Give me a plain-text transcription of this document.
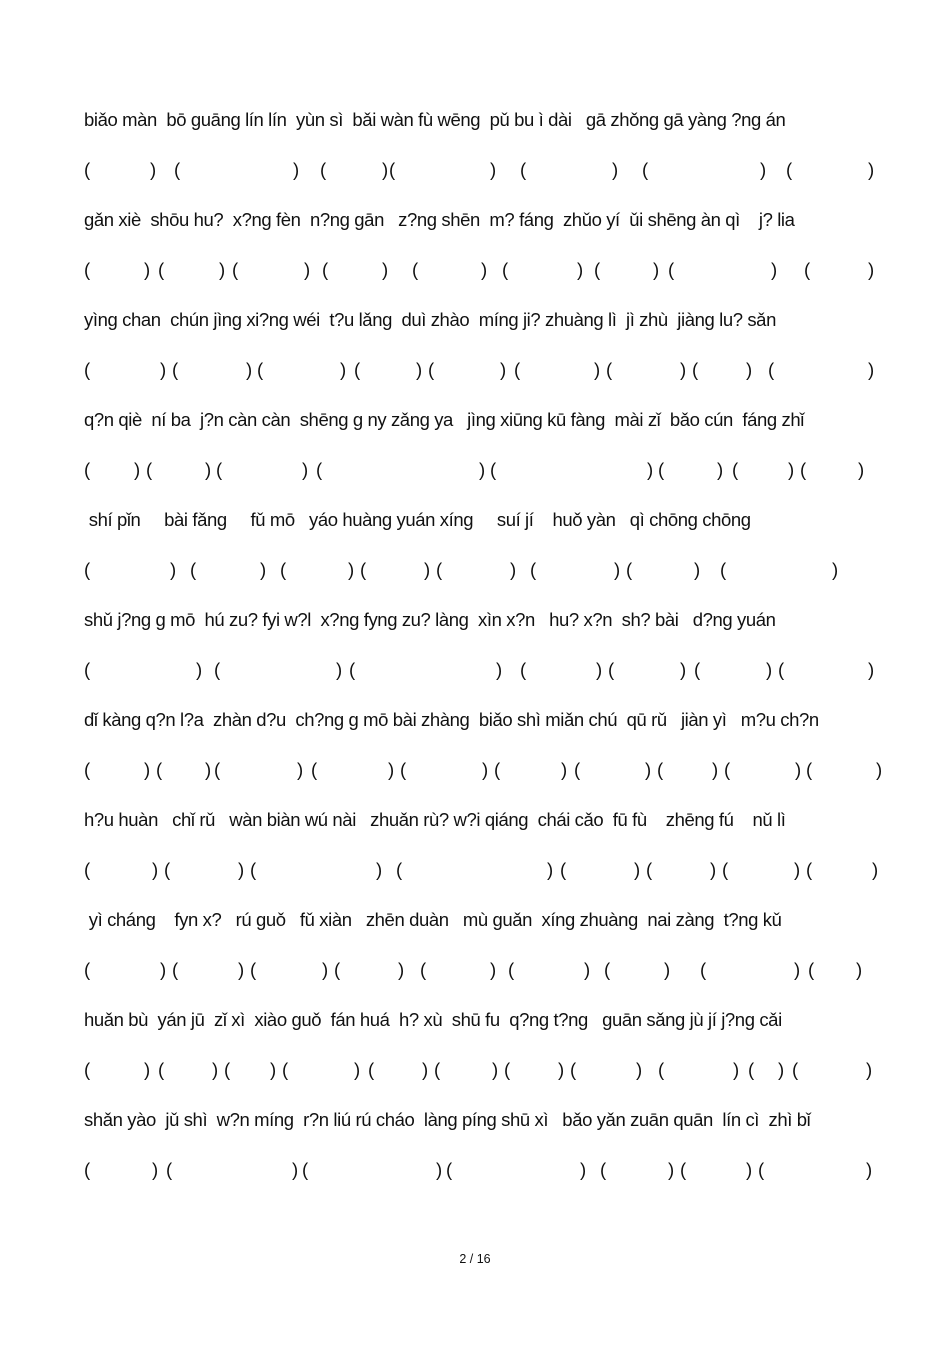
biǎo màn  bō guāng lín lín  yùn sì  bǎi wàn fù wēng  pǔ bu ì dài   gā zhǒng gā yàng ?ng án
(	) (	) (	) (	) (	) (	) (	)
gǎn xiè  shōu hu?  x?ng fèn  n?ng gān   z?ng shēn  m? fáng  zhǔo yí  ǔi shēng àn qì    j? lia
(	) (	) (	) (	) (	) (	) (	) (	) (	)
yìng chan  chún jìng xi?ng wéi  t?u lǎng  duì zhào  míng ji? zhuàng lì  jì zhù  jiàng lu? sǎn
(	) (	) (	) (	) (	) (	) (	) (	) (	)
q?n qiè  ní ba  j?n càn càn  shēng g ny zǎng ya   jìng xiūng kū fàng  mài zǐ  bǎo cún  fáng zhǐ
( ) (	) (	) (	) (	) (	) (	) (	)
shí pǐn     bài fǎng     fǔ mō   yáo huàng yuán xíng     suí jí    huǒ yàn   qì chōng chōng
(	) (	) (	) (	) (	) (	) (	) (	)
shǔ j?ng g mō  hú zu? fyi w?l  x?ng fyng zu? làng  xìn x?n   hu? x?n  sh? bài   d?ng yuán
(	) (	) (	) (	) (	) (	) (	)
dǐ kàng q?n l?a  zhàn d?u  ch?ng g mō bài zhàng  biǎo shì miǎn chú  qū rǔ   jiàn yì   m?u ch?n
(	) ( ) (	) (	) (	) (	) (	) (	) (	) (	)
h?u huàn   chǐ rǔ   wàn biàn wú nài   zhuǎn rù? w?i qiáng  chái cǎo  fū fù    zhēng fú    nǔ lì
(	) (	) (	) (	) (	) (	) (	) (	)
yì cháng    fyn x?   rú guǒ   fǔ xiàn   zhēn duàn   mù guǎn  xíng zhuàng  nai zàng  t?ng kǔ
(	) (	) (	) (	) (	) (	) (	) (	) ( )
huǎn bù  yán jū  zǐ xì  xiào guǒ  fán huá  h? xù  shū fu  q?ng t?ng   guān sǎng jù jí j?ng cǎi
(	) (	) ( ) (	) (	) (	) (	) (	) (	) ( ) (	)
shǎn yào  jǔ shì  w?n míng  r?n liú rú cháo  làng píng shū xì   bǎo yǎn zuān quān  lín cì  zhì bǐ
(	) (	) (	) (	) (	) (	) (	)
2 / 16
